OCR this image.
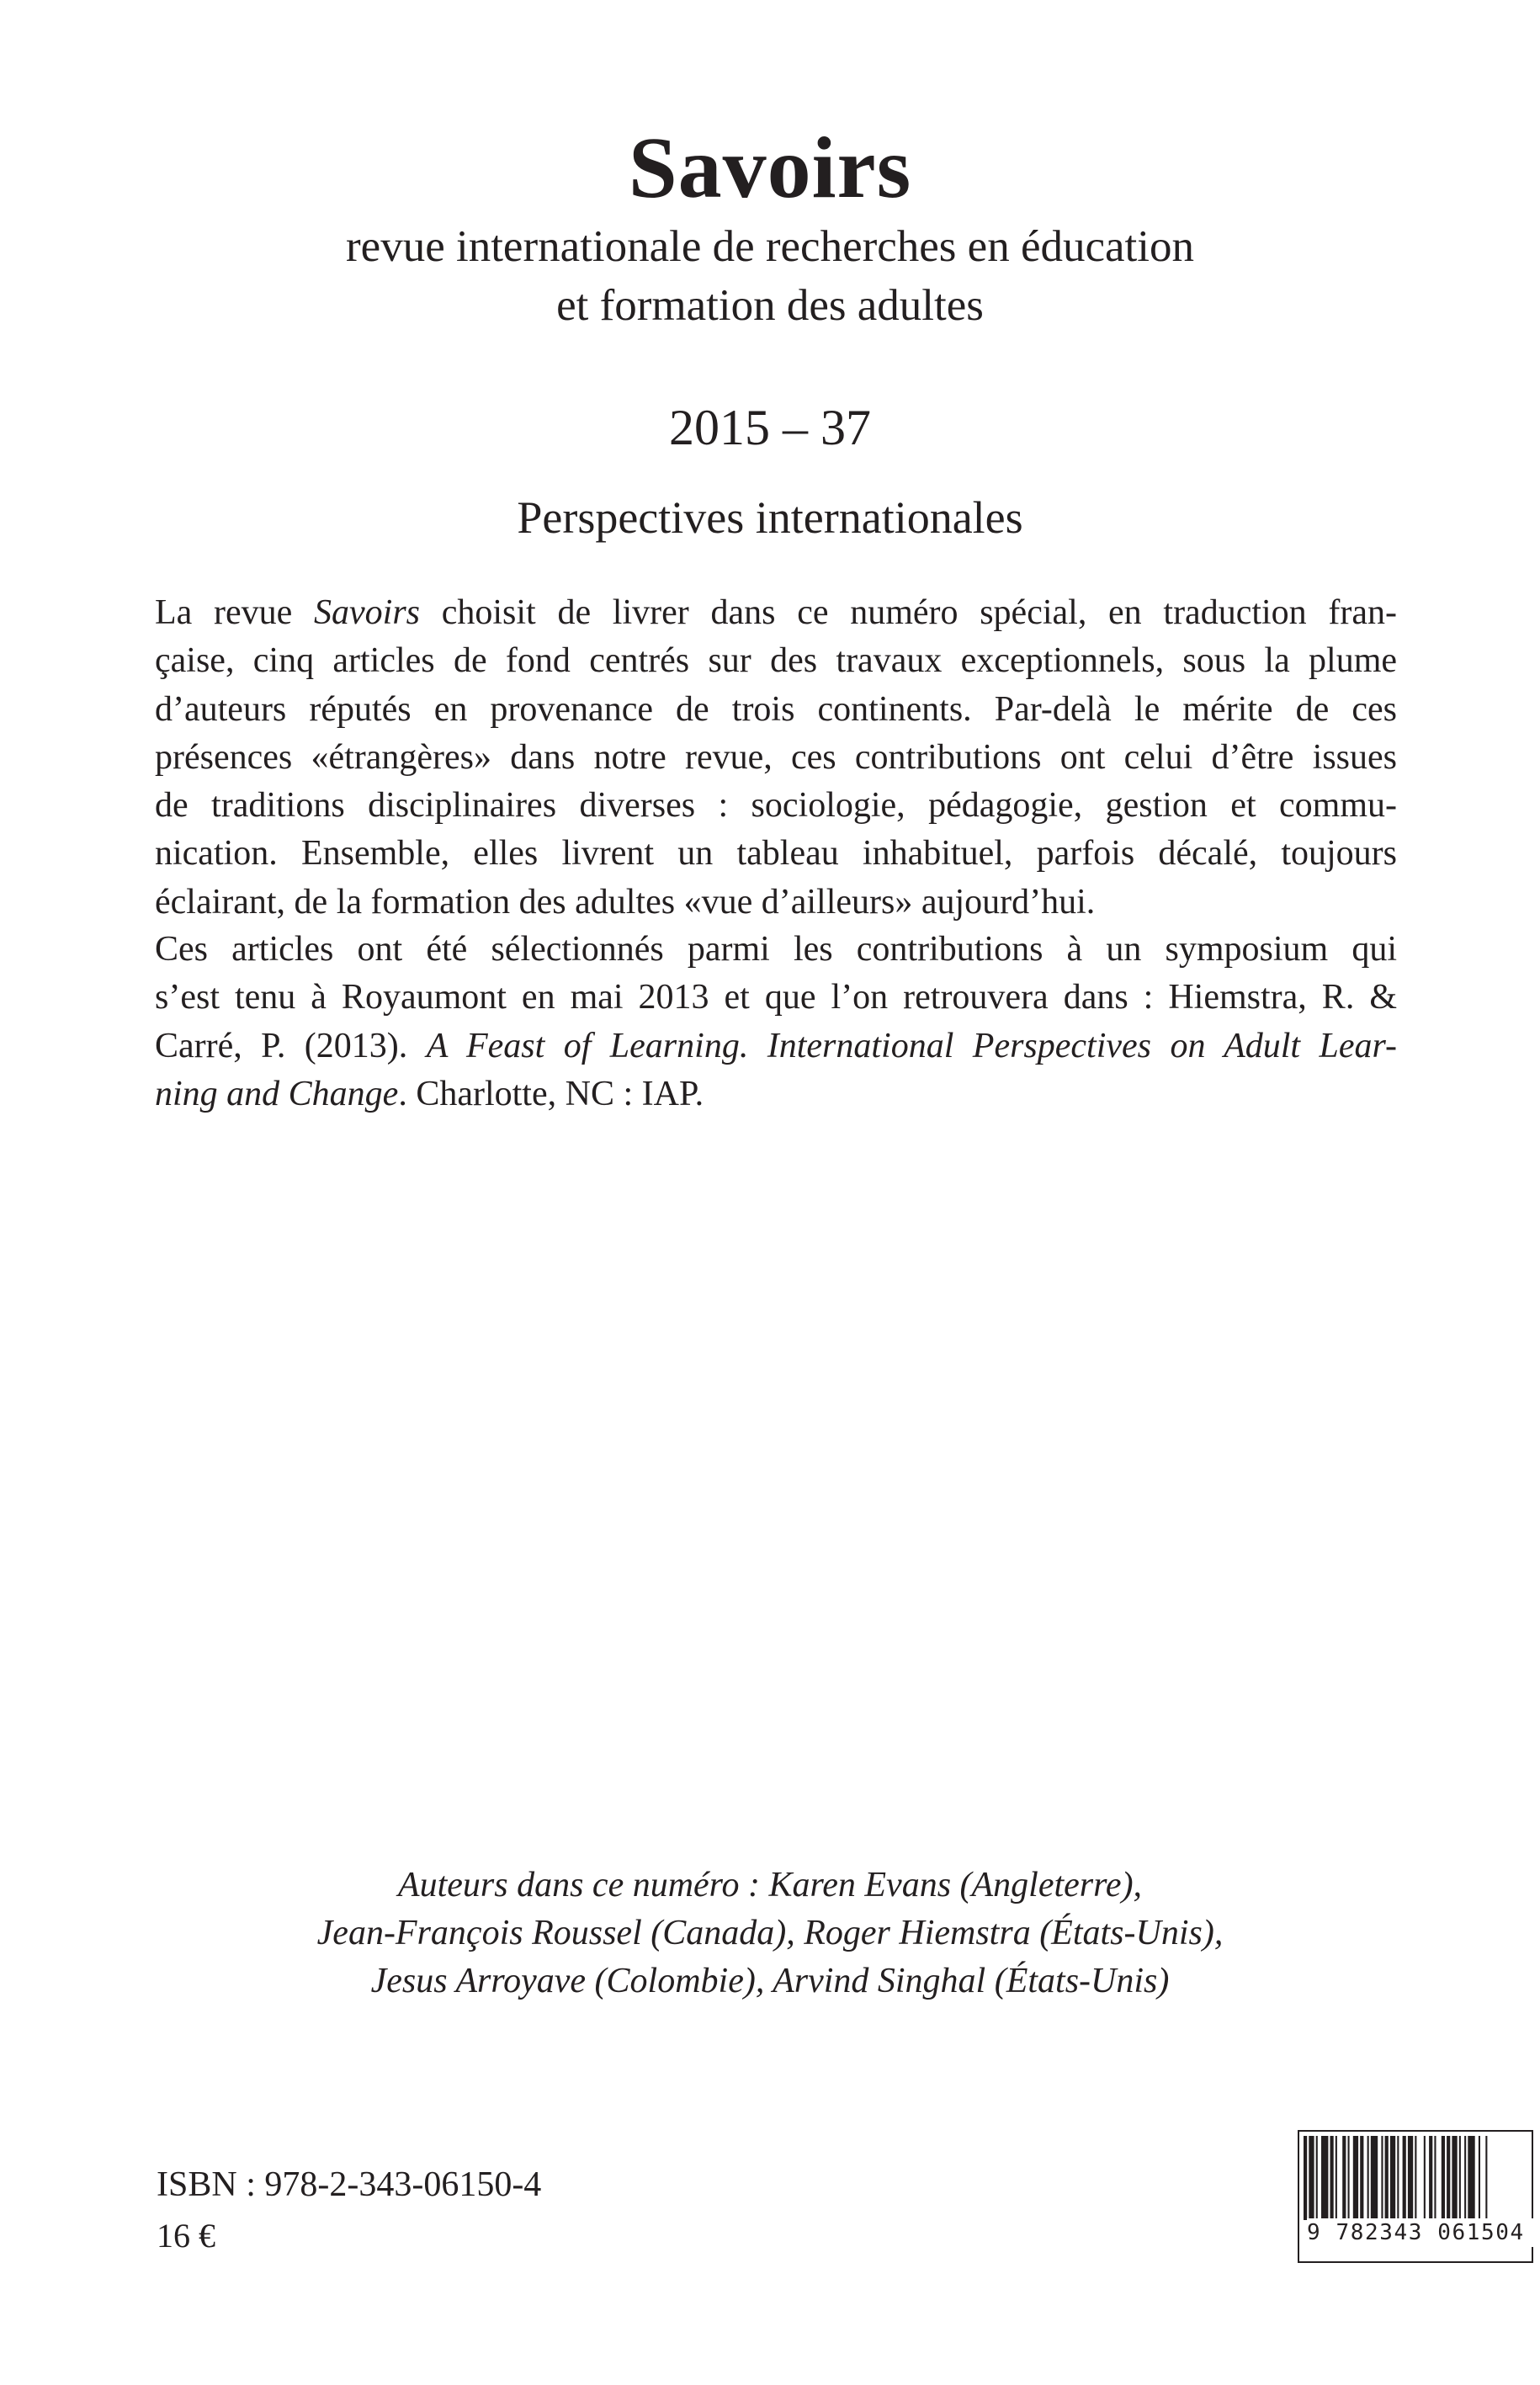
Savoirs
revue internationale de recherches en éducation
et formation des adultes
2015 – 37
Perspectives internationales
La revue Savoirs choisit de livrer dans ce numéro spécial, en traduction fran-
çaise, cinq articles de fond centrés sur des travaux exceptionnels, sous la plume
d’auteurs réputés en provenance de trois continents. Par-delà le mérite de ces
présences «étrangères» dans notre revue, ces contributions ont celui d’être issues
de traditions disciplinaires diverses : sociologie, pédagogie, gestion et commu-
nication. Ensemble, elles livrent un tableau inhabituel, parfois décalé, toujours
éclairant, de la formation des adultes «vue d’ailleurs» aujourd’hui.
Ces articles ont été sélectionnés parmi les contributions à un symposium qui
s’est tenu à Royaumont en mai 2013 et que l’on retrouvera dans : Hiemstra, R. &
Carré, P. (2013). A Feast of Learning. International Perspectives on Adult Lear-
ning and Change. Charlotte, NC : IAP.
Auteurs dans ce numéro : Karen Evans (Angleterre),
Jean-François Roussel (Canada), Roger Hiemstra (États-Unis),
Jesus Arroyave (Colombie), Arvind Singhal (États-Unis)
ISBN : 978-2-343-06150-4
16 €	9 782343 061504
